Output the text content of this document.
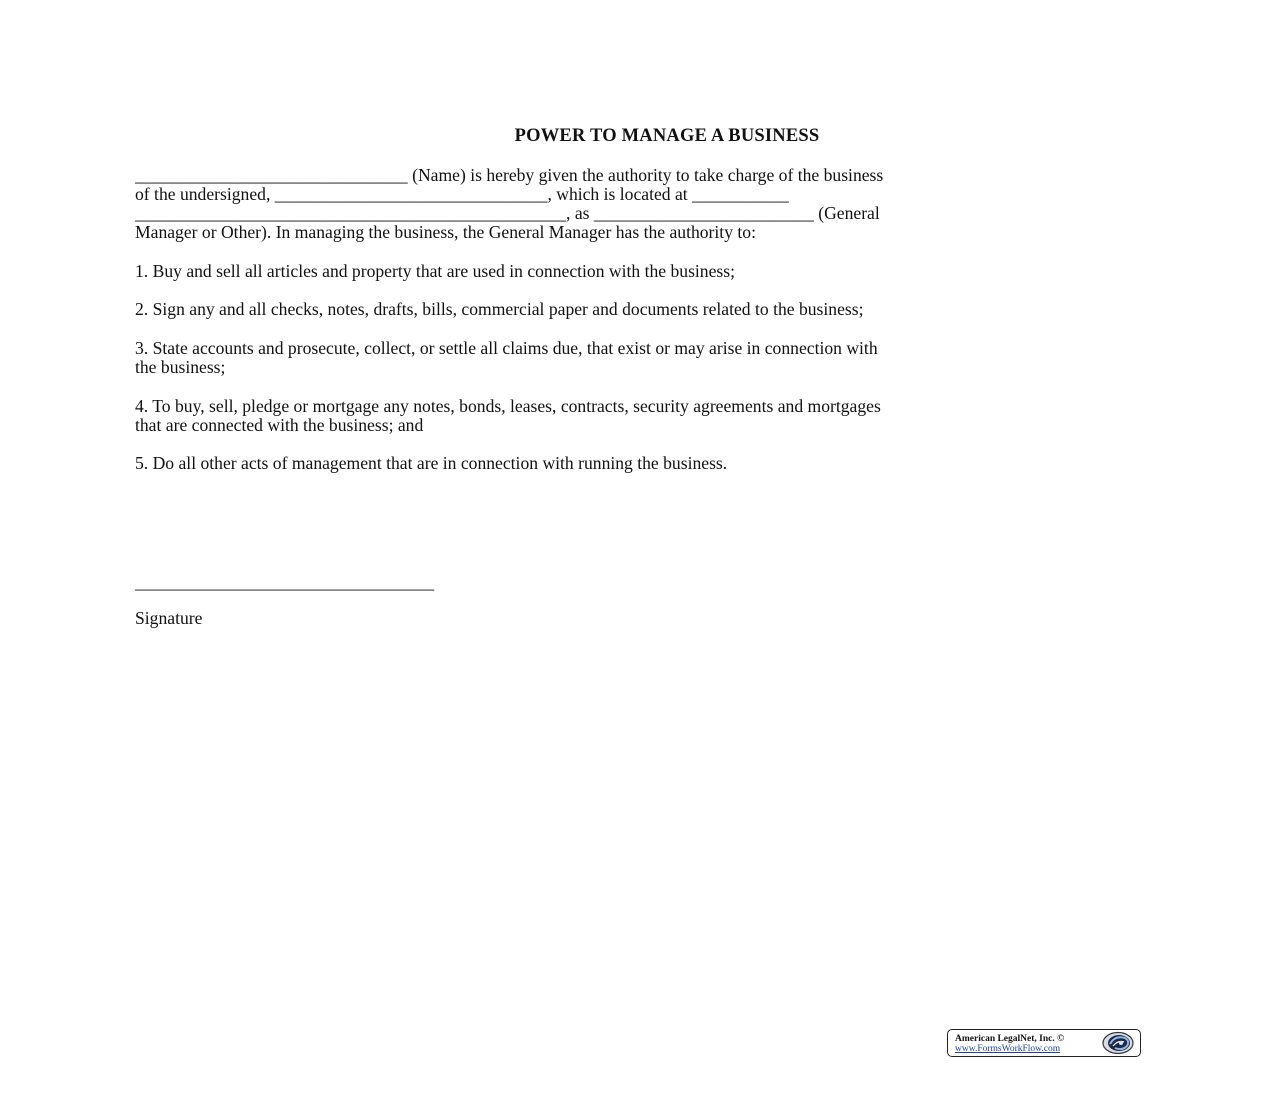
POWER TO MANAGE A BUSINESS
_______________________________ (Name) is hereby given the authority to take charge of the business
of the undersigned, _______________________________, which is located at ___________
_________________________________________________, as _________________________ (General
Manager or Other). In managing the business, the General Manager has the authority to:
1. Buy and sell all articles and property that are used in connection with the business;
2. Sign any and all checks, notes, drafts, bills, commercial paper and documents related to the business;
3. State accounts and prosecute, collect, or settle all claims due, that exist or may arise in connection with
the business;
4. To buy, sell, pledge or mortgage any notes, bonds, leases, contracts, security agreements and mortgages
that are connected with the business; and
5. Do all other acts of management that are in connection with running the business.
__________________________________
Signature
American LegalNet, Inc. ©
www.FormsWorkFlow.com
